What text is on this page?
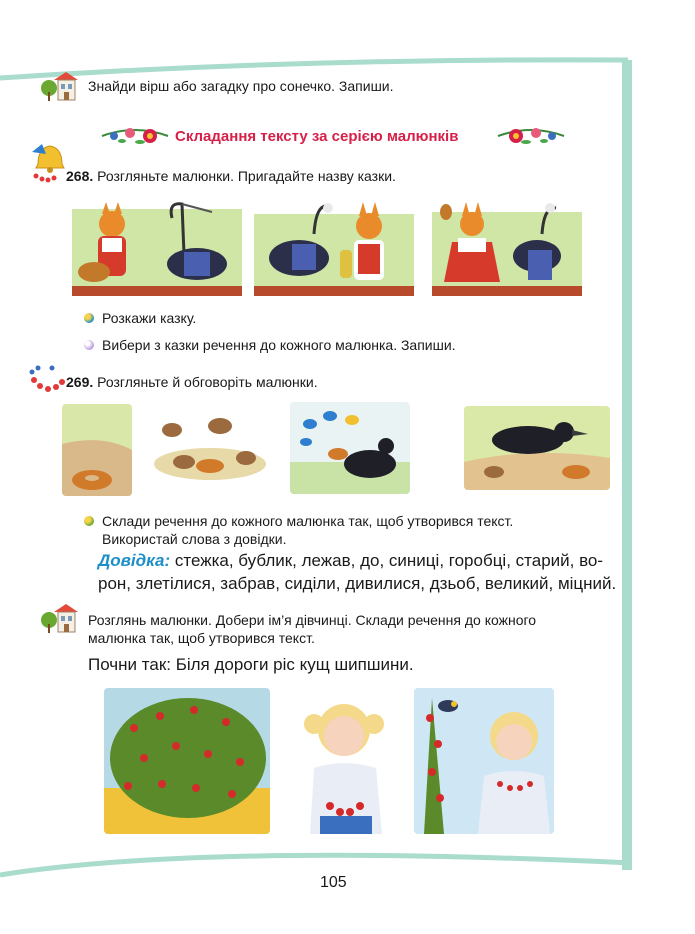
Знайди вірш або загадку про сонечко. Запиши.
Складання тексту за серією малюнків
268. Розгляньте малюнки. Пригадайте назву казки.
Розкажи казку.
Вибери з казки речення до кожного малюнка. Запиши.
269. Розгляньте й обговоріть малюнки.
Склади речення до кожного малюнка так, щоб утворився текст.
Використай слова з довідки.
Довідка: стежка, бублик, лежав, до, синиці, горобці, старий, во-
рон, злетілися, забрав, сиділи, дивилися, дзьоб, великий, міцний.
Розглянь малюнки. Добери ім’я дівчинці. Склади речення до кожного
малюнка так, щоб утворився текст.
Почни так: Біля дороги ріс кущ шипшини.
105
